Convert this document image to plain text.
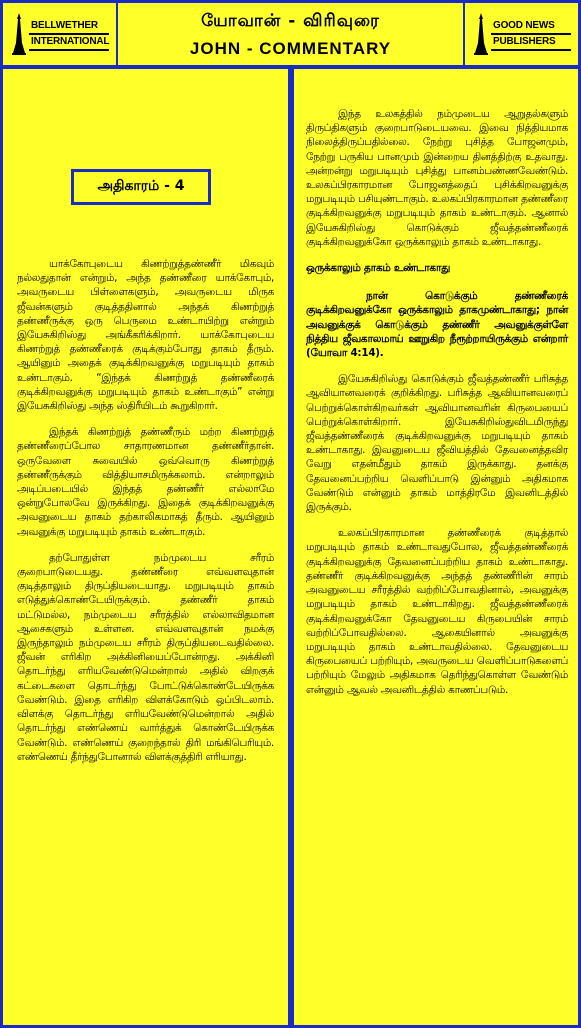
BELLWETHER
INTERNATIONAL
யோவான் - விரிவுரை
JOHN - COMMENTARY
GOOD NEWS
PUBLISHERS
அதிகாரம் - 4

யாக்கோபுடைய கிணற்றுத்தண்ணீர் மிகவும் நல்லதுதான் என்றும், அந்த தண்ணீரை யாக்கோபும், அவருடைய பிள்ளைகளும், அவருடைய மிருக ஜீவன்களும் குடித்ததினால் அந்தக் கிணற்றுத் தண்ணீருக்கு ஒரு பெருமை உண்டாயிற்று என்றும் இயேசுகிறிஸ்து அங்கீகரிக்கிறார். யாக்கோபுடைய கிணற்றுத் தண்ணீரைக் குடிக்கும்போது தாகம் தீரும். ஆயினும் அதைக் குடிக்கிறவனுக்கு மறுபடியும் தாகம் உண்டாகும். “இந்தக் கிணற்றுத் தண்ணீரைக் குடிக்கிறவனுக்கு மறுபடியும் தாகம் உண்டாகும்” என்று இயேசுகிறிஸ்து அந்த ஸ்திரீயிடம் கூறுகிறார்.

இந்தக் கிணற்றுத் தண்ணீரும் மற்ற கிணற்றுத் தண்ணீரைப்போல சாதாரணமான தண்ணீர்தான். ஒருவேளை சுவையில் ஒவ்வொரு கிணற்றுத் தண்ணீருக்கும் வித்தியாசமிருக்கலாம். என்றாலும் அடிப்படையில் இந்தத் தண்ணீர் எல்லாமே ஒன்றுபோலவே இருக்கிறது. இதைக் குடிக்கிறவனுக்கு அவனுடைய தாகம் தற்காலிகமாகத் தீரும். ஆயினும் அவனுக்கு மறுபடியும் தாகம் உண்டாகும்.

தற்போதுள்ள நம்முடைய சரீரம் குறைபாடுடையது. தண்ணீரை எவ்வளவுதான் குடித்தாலும் திருப்தியடையாது. மறுபடியும் தாகம் எடுத்துக்கொண்டேயிருக்கும். தண்ணீர் தாகம் மட்டுமல்ல, நம்முடைய சரீரத்தில் எல்லாவிதமான ஆசைகளும் உள்ளன. எவ்வளவுதான் நமக்கு இருந்தாலும் நம்முடைய சரீரம் திருப்தியடைவதில்லை. ஜீவன் எரிகிற அக்கினியைப்போன்றது. அக்கினி தொடர்ந்து எரியவேண்டுமென்றால் அதில் விறகுக் கட்டைகளை தொடர்ந்து போட்டுக்கொண்டேயிருக்க வேண்டும். இதை எரிகிற விளக்கோடும் ஒப்பிடலாம். விளக்கு தொடர்ந்து எரியவேண்டுமென்றால் அதில் தொடர்ந்து எண்ணெய் வார்த்துக் கொண்டேயிருக்க வேண்டும். எண்ணெய் குறைந்தால் திரி மங்கிபெரியும். எண்ணெய் தீர்ந்துபோனால் விளக்குத்திரி எரியாது.

இந்த உலகத்தில் நம்முடைய ஆறுதல்களும் திருப்திகளும் குறைபாடுடையவை. இவை நித்தியமாக நிலைத்திருப்பதில்லை. நேற்று புசித்த போஜனமும், நேற்று பருகிய பானமும் இன்றைய தினத்திற்கு உதவாது. அன்றன்று மறுபடியும் புசித்து பானம்பண்ணவேண்டும். உலகப்பிரகாரமான போஜனத்தைப் புசிக்கிறவனுக்கு மறுபடியும் பசியுண்டாகும். உலகப்பிரகாரமான தண்ணீரை குடிக்கிறவனுக்கு மறுபடியும் தாகம் உண்டாகும். ஆனால் இயேசுகிறிஸ்து கொடுக்கும் ஜீவத்தண்ணீரைக் குடிக்கிறவனுக்கோ ஒருக்காலும் தாகம் உண்டாகாது.

ஒருக்காலும் தாகம் உண்டாகாது

நான் கொடுக்கும் தண்ணீரைக் குடிக்கிறவனுக்கோ ஒருக்காலும் தாகமுண்டாகாது; நான் அவனுக்குக் கொடுக்கும் தண்ணீர் அவனுக்குள்ளே நித்திய ஜீவகாலமாய் ஊறுகிற நீரூற்றாயிருக்கும் என்றார் (யோவா 4:14).

இயேசுகிறிஸ்து கொடுக்கும் ஜீவத்தண்ணீர் பரிசுத்த ஆவியானவரைக் குறிக்கிறது. பரிசுத்த ஆவியானவரைப் பெற்றுக்கொள்கிறவர்கள் ஆவியானவரின் கிருபையைப் பெற்றுக்கொள்கிறார். இயேசுகிறிஸ்துவிடமிருந்து ஜீவத்தண்ணீரைக் குடிக்கிறவனுக்கு மறுபடியும் தாகம் உண்டாகாது. இவனுடைய ஜீவியத்தில் தேவனைத்தவிர வேறு எதன்மீதும் தாகம் இருக்காது. தனக்கு தேவனைப்பற்றிய வெளிப்பாடு இன்னும் அதிகமாக வேண்டும் என்னும் தாகம் மாத்திரமே இவனிடத்தில் இருக்கும்.

உலகப்பிரகாரமான தண்ணீரைக் குடித்தால் மறுபடியும் தாகம் உண்டாவதுபோல, ஜீவத்தண்ணீரைக் குடிக்கிறவனுக்கு தேவனைப்பற்றிய தாகம் உண்டாகாது. தண்ணீர் குடிக்கிறவனுக்கு அந்தத் தண்ணீரின் சாரம் அவனுடைய சரீரத்தில் வற்றிப்போவதினால், அவனுக்கு மறுபடியும் தாகம் உண்டாகிறது. ஜீவத்தண்ணீரைக் குடிக்கிறவனுக்கோ தேவனுடைய கிருபையின் சாரம் வற்றிப்போவதில்லை. ஆகையினால் அவனுக்கு மறுபடியும் தாகம் உண்டாவதில்லை. தேவனுடைய கிருபையைப் பற்றியும், அவருடைய வெளிப்பாடுகளைப் பற்றியும் மேலும் அதிகமாக தெரிந்துகொள்ள வேண்டும் என்னும் ஆவல் அவனிடத்தில் காணப்படும்.
